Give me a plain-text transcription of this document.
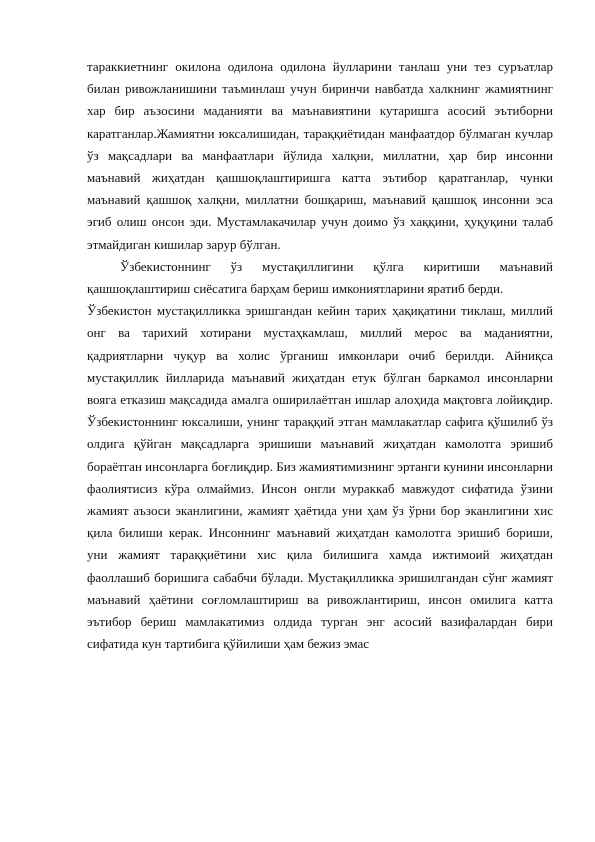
тараккиетнинг окилона одилона одилона йулларини танлаш уни тез суръатлар билан ривожланишини таъминлаш учун биринчи навбатда халкнинг жамиятнинг хар бир аъзосини маданияти ва маънавиятини кутаришга асосий эътиборни каратганлар.Жамиятни юксалишидан, тараққиётидан манфаатдор бўлмаган кучлар ўз мақсадлари ва манфаатлари йўлида халқни, миллатни, ҳар бир инсонни маънавий жиҳатдан қашшоқлаштиришга катта эътибор қаратганлар, чунки маънавий қашшоқ халқни, миллатни бошқариш, маънавий қашшоқ инсонни эса эгиб олиш онсон эди. Мустамлакачилар учун доимо ўз хаққини, ҳуқуқини талаб этмайдиган кишилар зарур бўлган.

Ўзбекистоннинг ўз мустақиллигини қўлга киритиши маънавий қашшоқлаштириш сиёсатига барҳам бериш имкониятларини яратиб берди.

Ўзбекистон мустақилликка эришгандан кейин тарих ҳақиқатини тиклаш, миллий онг ва тарихий хотирани мустаҳкамлаш, миллий мерос ва маданиятни, қадриятларни чуқур ва холис ўрганиш имконлари очиб берилди. Айниқса мустақиллик йилларида маънавий жиҳатдан етук бўлган баркамол инсонларни вояга етказиш мақсадида амалга оширилаётган ишлар алоҳида мақтовга лойиқдир. Ўзбекистоннинг юксалиши, унинг тараққий этган мамлакатлар сафига қўшилиб ўз олдига қўйган мақсадларга эришиши маънавий жиҳатдан камолотга эришиб бораётган инсонларга боғлиқдир. Биз жамиятимизнинг эртанги кунини инсонларни фаолиятисиз кўра олмаймиз. Инсон онгли мураккаб мавжудот сифатида ўзини жамият аъзоси эканлигини, жамият ҳаётида уни ҳам ўз ўрни бор эканлигини хис қила билиши керак. Инсоннинг маънавий жиҳатдан камолотга эришиб бориши, уни жамият тараққиётини хис қила билишига хамда ижтимоий жиҳатдан фаоллашиб боришига сабабчи бўлади. Мустақилликка эришилгандан сўнг жамият маънавий ҳаётини соғломлаштириш ва ривожлантириш, инсон омилига катта эътибор бериш мамлакатимиз олдида турган энг асосий вазифалардан бири сифатида кун тартибига қўйилиши ҳам бежиз эмас
